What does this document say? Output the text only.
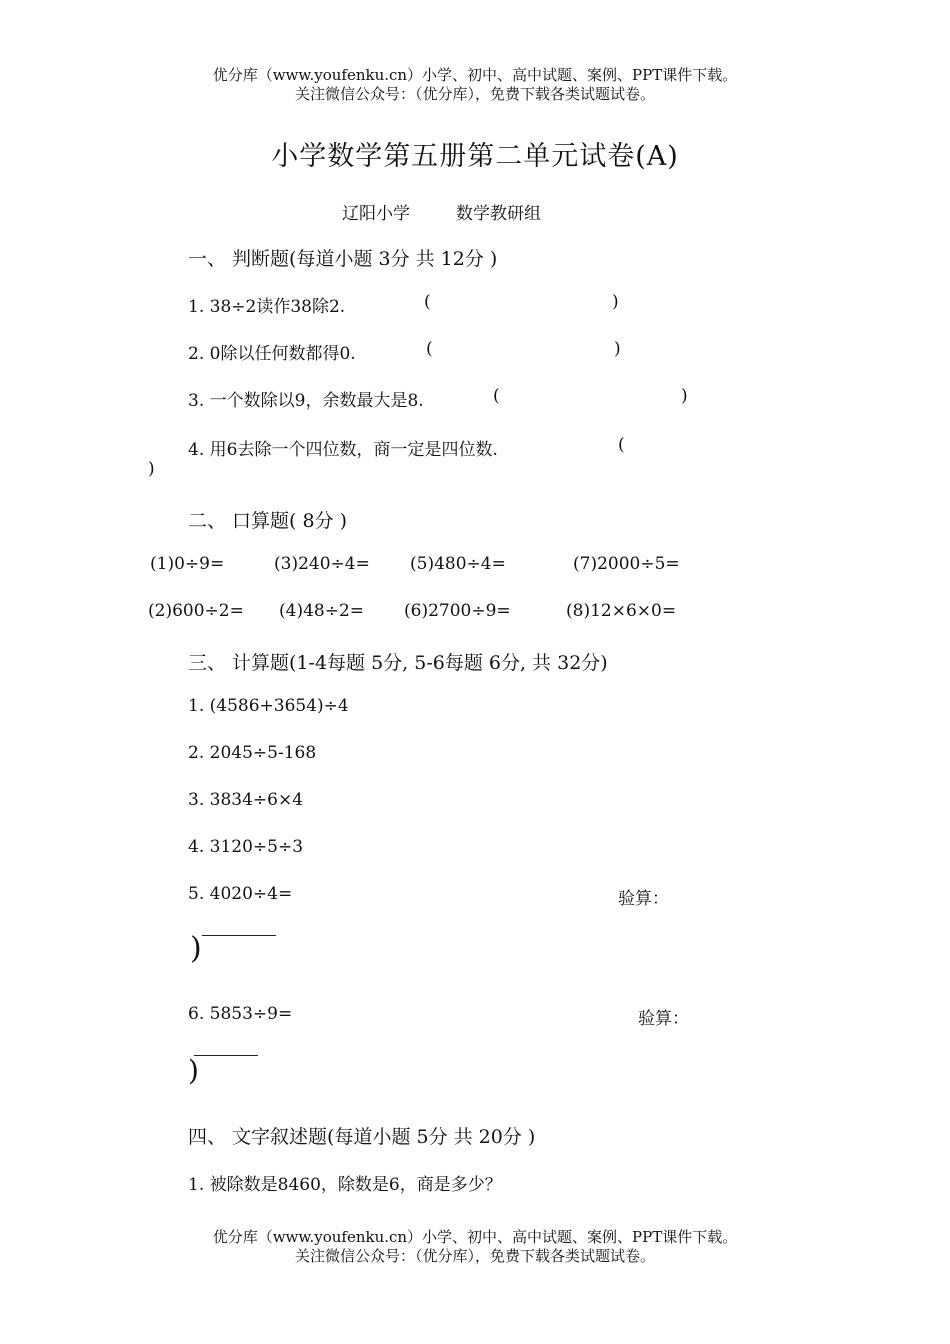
优分库（www.youfenku.cn）小学、初中、高中试题、案例、PPT课件下载。
关注微信公众号：（优分库），免费下载各类试题试卷。
小学数学第五册第二单元试卷(A)
辽阳小学	数学教研组
一、 判断题(每道小题 3分 共 12分 )
1. 38÷2读作38除2.	(	)
2. 0除以任何数都得0.	(	)
3. 一个数除以9，余数最大是8.	(	)
4. 用6去除一个四位数，商一定是四位数.	(
)
二、 口算题( 8分 )
(1)0÷9=	(3)240÷4= (5)480÷4=	(7)2000÷5=
(2)600÷2= (4)48÷2= (6)2700÷9=	(8)12×6×0=
三、 计算题(1-4每题 5分, 5-6每题 6分, 共 32分)
1. (4586+3654)÷4
2. 2045÷5-168
3. 3834÷6×4
4. 3120÷5÷3
5. 4020÷4=	验算：
)
6. 5853÷9=	验算：
)
四、 文字叙述题(每道小题 5分 共 20分 )
1. 被除数是8460，除数是6，商是多少？
优分库（www.youfenku.cn）小学、初中、高中试题、案例、PPT课件下载。
关注微信公众号：（优分库），免费下载各类试题试卷。
